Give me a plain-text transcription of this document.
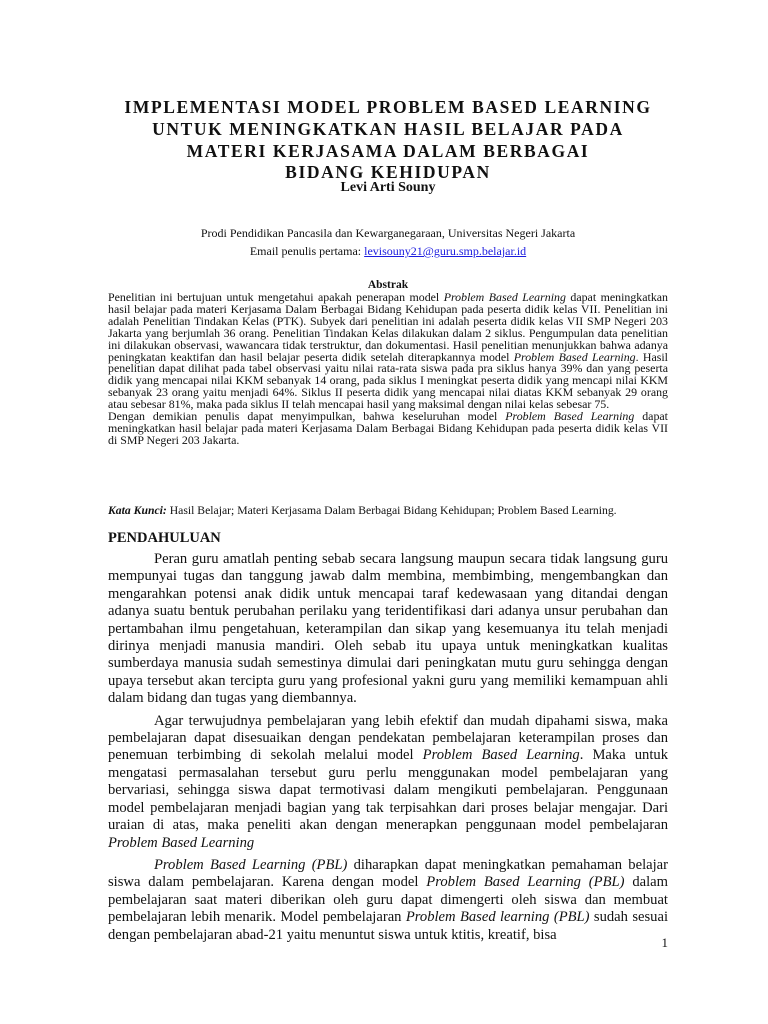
IMPLEMENTASI MODEL PROBLEM BASED LEARNING
UNTUK MENINGKATKAN HASIL BELAJAR PADA
MATERI KERJASAMA DALAM BERBAGAI
BIDANG KEHIDUPAN
Levi Arti Souny
Prodi Pendidikan Pancasila dan Kewarganegaraan, Universitas Negeri Jakarta
Email penulis pertama: levisouny21@guru.smp.belajar.id
Abstrak

Penelitian ini bertujuan untuk mengetahui apakah penerapan model Problem Based Learning dapat meningkatkan hasil belajar pada materi Kerjasama Dalam Berbagai Bidang Kehidupan pada peserta didik kelas VII. Penelitian ini adalah Penelitian Tindakan Kelas (PTK). Subyek dari penelitian ini adalah peserta didik kelas VII SMP Negeri 203 Jakarta yang berjumlah 36 orang. Penelitian Tindakan Kelas dilakukan dalam 2 siklus. Pengumpulan data penelitian ini dilakukan observasi, wawancara tidak terstruktur, dan dokumentasi. Hasil penelitian menunjukkan bahwa adanya peningkatan keaktifan dan hasil belajar peserta didik setelah diterapkannya model Problem Based Learning. Hasil penelitian dapat dilihat pada tabel observasi yaitu nilai rata-rata siswa pada pra siklus hanya 39% dan yang peserta didik yang mencapai nilai KKM sebanyak 14 orang, pada siklus I meningkat peserta didik yang mencapi nilai KKM sebanyak 23 orang yaitu menjadi 64%. Siklus II peserta didik yang mencapai nilai diatas KKM sebanyak 29 orang atau sebesar 81%, maka pada siklus II telah mencapai hasil yang maksimal dengan nilai kelas sebesar 75.

Dengan demikian penulis dapat menyimpulkan, bahwa keseluruhan model Problem Based Learning dapat meningkatkan hasil belajar pada materi Kerjasama Dalam Berbagai Bidang Kehidupan pada peserta didik kelas VII di SMP Negeri 203 Jakarta.

Kata Kunci: Hasil Belajar; Materi Kerjasama Dalam Berbagai Bidang Kehidupan; Problem Based Learning.
PENDAHULUAN

Peran guru amatlah penting sebab secara langsung maupun secara tidak langsung guru mempunyai tugas dan tanggung jawab dalm membina, membimbing, mengembangkan dan mengarahkan potensi anak didik untuk mencapai taraf kedewasaan yang ditandai dengan adanya suatu bentuk perubahan perilaku yang teridentifikasi dari adanya unsur perubahan dan pertambahan ilmu pengetahuan, keterampilan dan sikap yang kesemuanya itu telah menjadi dirinya menjadi manusia mandiri. Oleh sebab itu upaya untuk meningkatkan kualitas sumberdaya manusia sudah semestinya dimulai dari peningkatan mutu guru sehingga dengan upaya tersebut akan tercipta guru yang profesional yakni guru yang memiliki kemampuan ahli dalam bidang dan tugas yang diembannya.

Agar terwujudnya pembelajaran yang lebih efektif dan mudah dipahami siswa, maka pembelajaran dapat disesuaikan dengan pendekatan pembelajaran keterampilan proses dan penemuan terbimbing di sekolah melalui model Problem Based Learning. Maka untuk mengatasi permasalahan tersebut guru perlu menggunakan model pembelajaran yang bervariasi, sehingga siswa dapat termotivasi dalam mengikuti pembelajaran. Penggunaan model pembelajaran menjadi bagian yang tak terpisahkan dari proses belajar mengajar. Dari uraian di atas, maka peneliti akan dengan menerapkan penggunaan model pembelajaran Problem Based Learning

Problem Based Learning (PBL) diharapkan dapat meningkatkan pemahaman belajar siswa dalam pembelajaran. Karena dengan model Problem Based Learning (PBL) dalam pembelajaran saat materi diberikan oleh guru dapat dimengerti oleh siswa dan membuat pembelajaran lebih menarik. Model pembelajaran Problem Based learning (PBL) sudah sesuai dengan pembelajaran abad-21 yaitu menuntut siswa untuk ktitis, kreatif, bisa	1
